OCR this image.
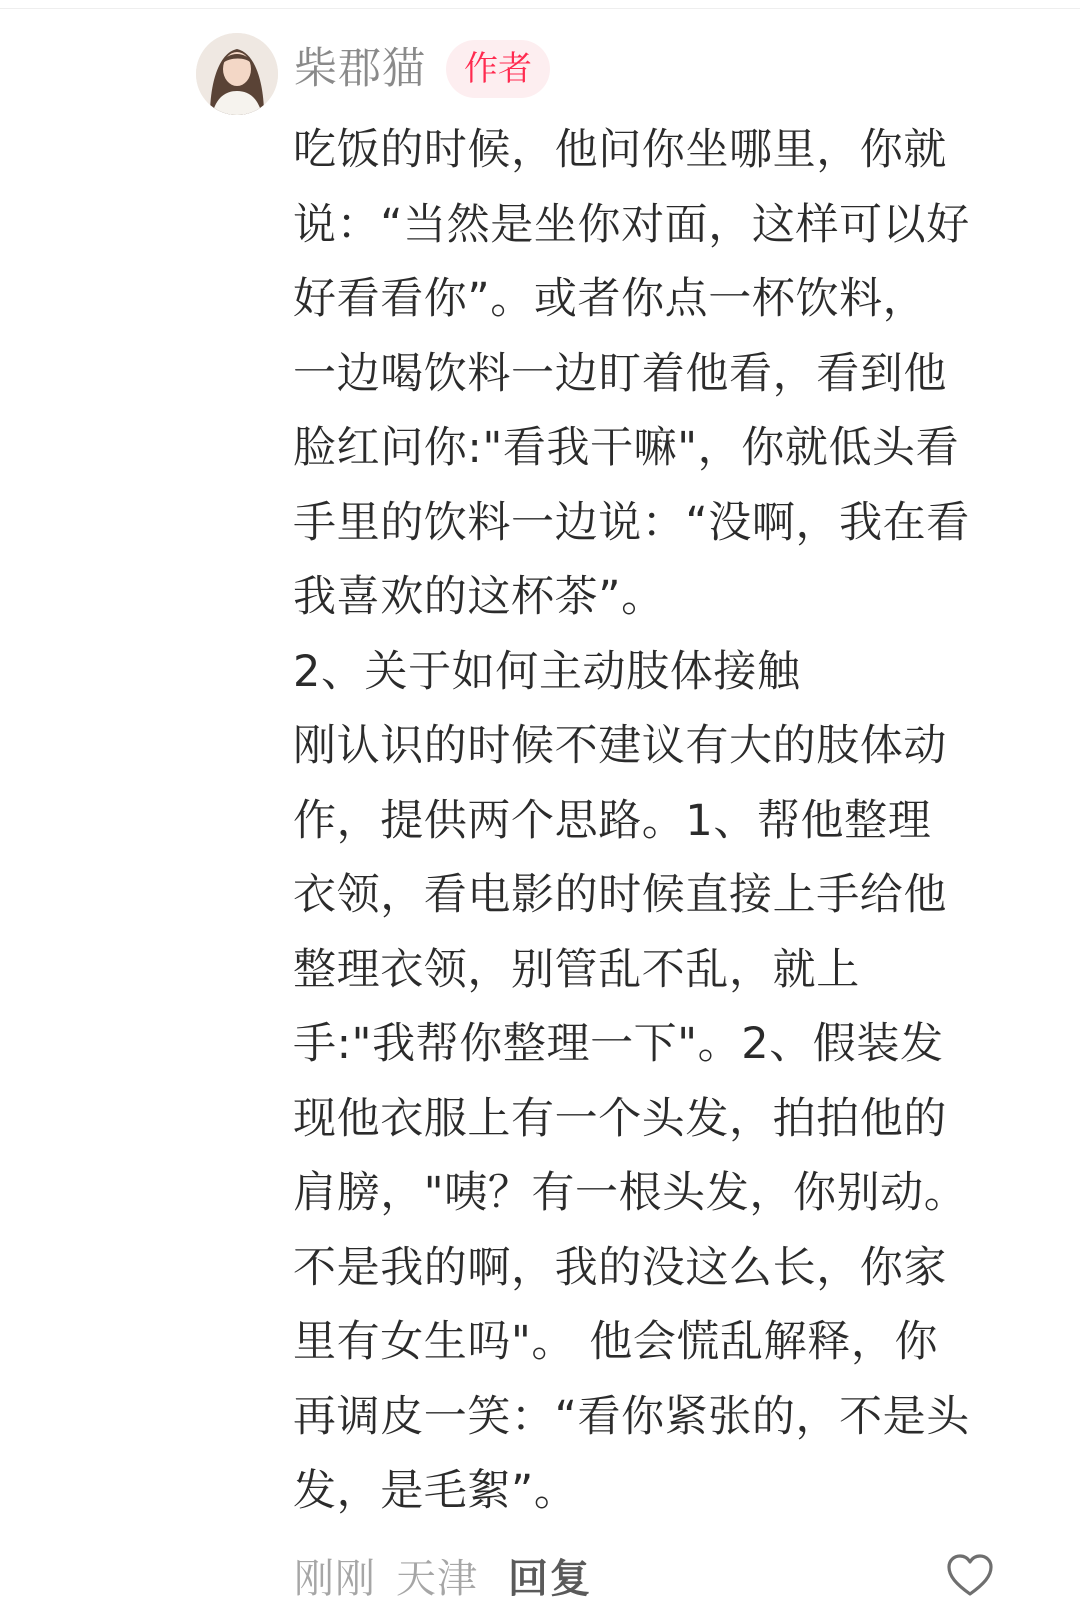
柴郡猫	作者
吃饭的时候，他问你坐哪里，你就
说：“当然是坐你对面，这样可以好
好看看你”。或者你点一杯饮料，
一边喝饮料一边盯着他看，看到他
脸红问你:"看我干嘛"，你就低头看
手里的饮料一边说：“没啊，我在看
我喜欢的这杯茶”。
2、关于如何主动肢体接触
刚认识的时候不建议有大的肢体动
作，提供两个思路。1、帮他整理
衣领，看电影的时候直接上手给他
整理衣领，别管乱不乱，就上
手:"我帮你整理一下"。2、假装发
现他衣服上有一个头发，拍拍他的
肩膀，"咦？有一根头发，你别动。
不是我的啊，我的没这么长，你家
里有女生吗"。 他会慌乱解释，你
再调皮一笑：“看你紧张的，不是头
发，是毛絮”。
刚刚 天津 回复
